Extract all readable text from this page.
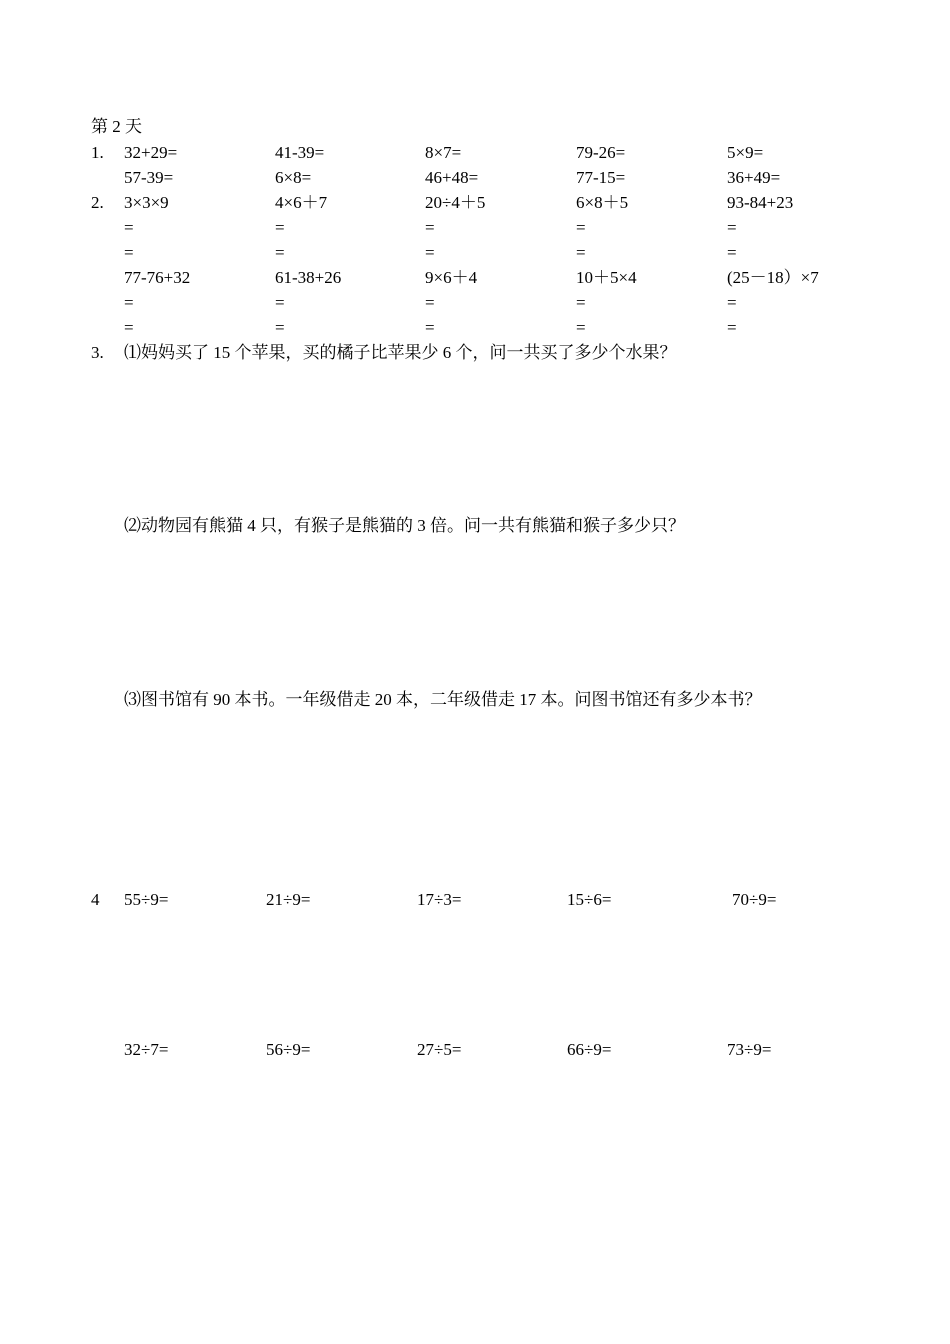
第 2 天
1. 32+29=	41-39=	8×7=	79-26=	5×9=
57-39=	6×8=	46+48=	77-15=	36+49=
2. 3×3×9	4×6＋7	20÷4＋5	6×8＋5	93-84+23
=	=	=	=	=
=	=	=	=	=
77-76+32	61-38+26	9×6＋4	10＋5×4	(25－18）×7
=	=	=	=	=
=	=	=	=	=
3. ⑴妈妈买了 15 个苹果，买的橘子比苹果少 6 个，问一共买了多少个水果？
⑵动物园有熊猫 4 只，有猴子是熊猫的 3 倍。问一共有熊猫和猴子多少只？
⑶图书馆有 90 本书。一年级借走 20 本，二年级借走 17 本。问图书馆还有多少本书？
4 55÷9=	21÷9=	17÷3=	15÷6=	70÷9=
32÷7=	56÷9=	27÷5=	66÷9=	73÷9=
